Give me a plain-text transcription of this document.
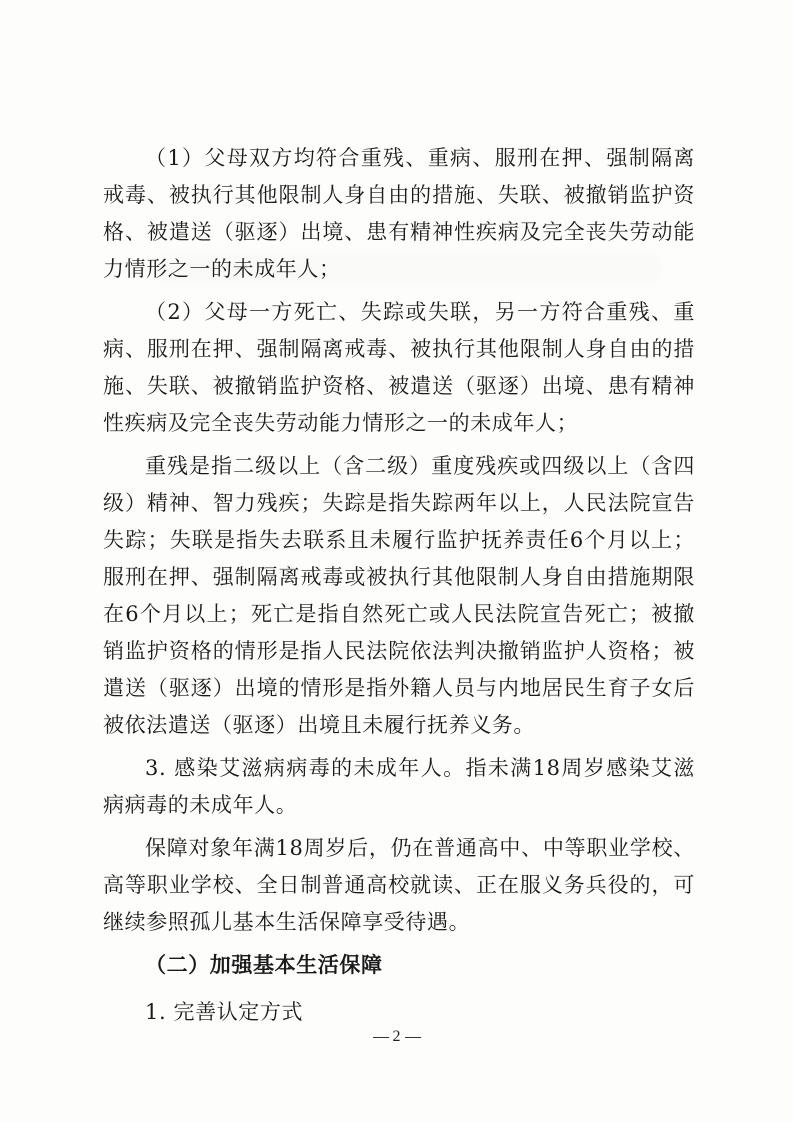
（1）父母双方均符合重残、重病、服刑在押、强制隔离戒毒、被执行其他限制人身自由的措施、失联、被撤销监护资格、被遣送（驱逐）出境、患有精神性疾病及完全丧失劳动能力情形之一的未成年人；

（2）父母一方死亡、失踪或失联，另一方符合重残、重病、服刑在押、强制隔离戒毒、被执行其他限制人身自由的措施、失联、被撤销监护资格、被遣送（驱逐）出境、患有精神性疾病及完全丧失劳动能力情形之一的未成年人；

重残是指二级以上（含二级）重度残疾或四级以上（含四级）精神、智力残疾；失踪是指失踪两年以上，人民法院宣告失踪；失联是指失去联系且未履行监护抚养责任6个月以上；服刑在押、强制隔离戒毒或被执行其他限制人身自由措施期限在6个月以上；死亡是指自然死亡或人民法院宣告死亡；被撤销监护资格的情形是指人民法院依法判决撤销监护人资格；被遣送（驱逐）出境的情形是指外籍人员与内地居民生育子女后被依法遣送（驱逐）出境且未履行抚养义务。

3. 感染艾滋病病毒的未成年人。指未满18周岁感染艾滋病病毒的未成年人。

保障对象年满18周岁后，仍在普通高中、中等职业学校、高等职业学校、全日制普通高校就读、正在服义务兵役的，可继续参照孤儿基本生活保障享受待遇。

（二）加强基本生活保障

1. 完善认定方式

2
